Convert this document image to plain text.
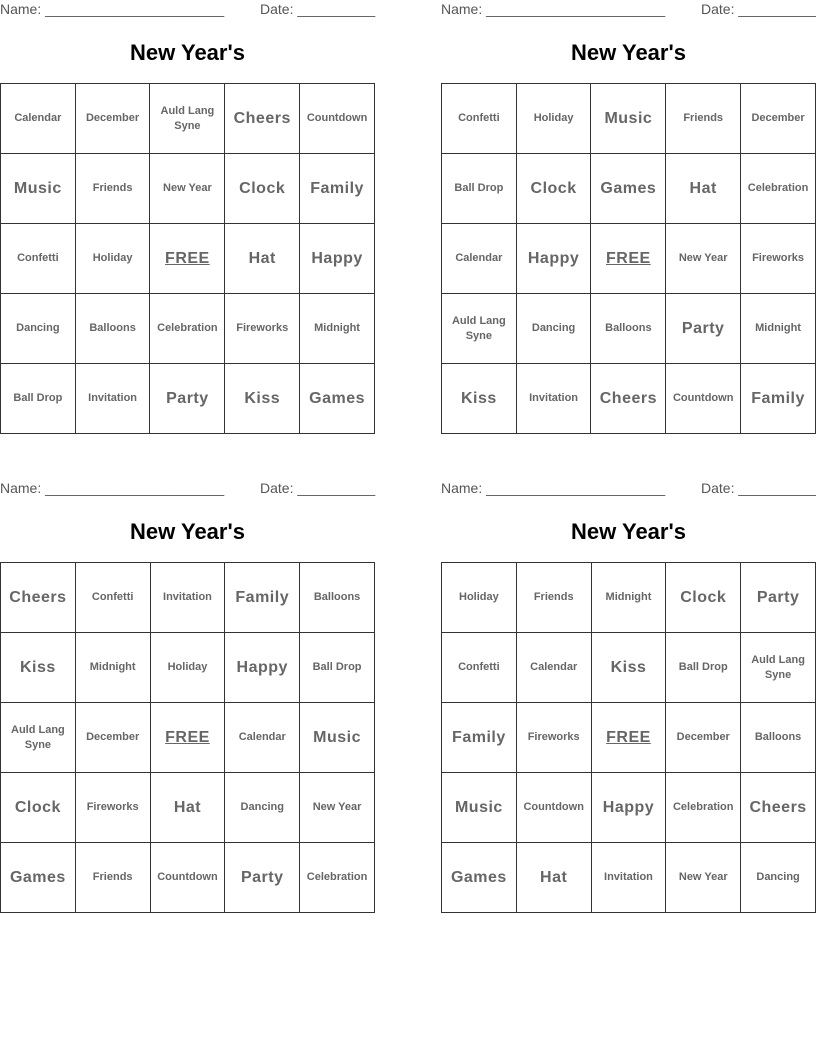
Name: _______________________	Date: __________
New Year's
Calendar	December	Auld Lang Syne	Cheers	Countdown
Music	Friends	New Year	Clock	Family
Confetti	Holiday	FREE	Hat	Happy
Dancing	Balloons	Celebration	Fireworks	Midnight
Ball Drop	Invitation	Party	Kiss	Games
Name: _______________________	Date: __________
New Year's
Confetti	Holiday	Music	Friends	December
Ball Drop	Clock	Games	Hat	Celebration
Calendar	Happy	FREE	New Year	Fireworks
Auld Lang Syne	Dancing	Balloons	Party	Midnight
Kiss	Invitation	Cheers	Countdown	Family
Name: _______________________	Date: __________
New Year's
Cheers	Confetti	Invitation	Family	Balloons
Kiss	Midnight	Holiday	Happy	Ball Drop
Auld Lang Syne	December	FREE	Calendar	Music
Clock	Fireworks	Hat	Dancing	New Year
Games	Friends	Countdown	Party	Celebration
Name: _______________________	Date: __________
New Year's
Holiday	Friends	Midnight	Clock	Party
Confetti	Calendar	Kiss	Ball Drop	Auld Lang Syne
Family	Fireworks	FREE	December	Balloons
Music	Countdown	Happy	Celebration	Cheers
Games	Hat	Invitation	New Year	Dancing
